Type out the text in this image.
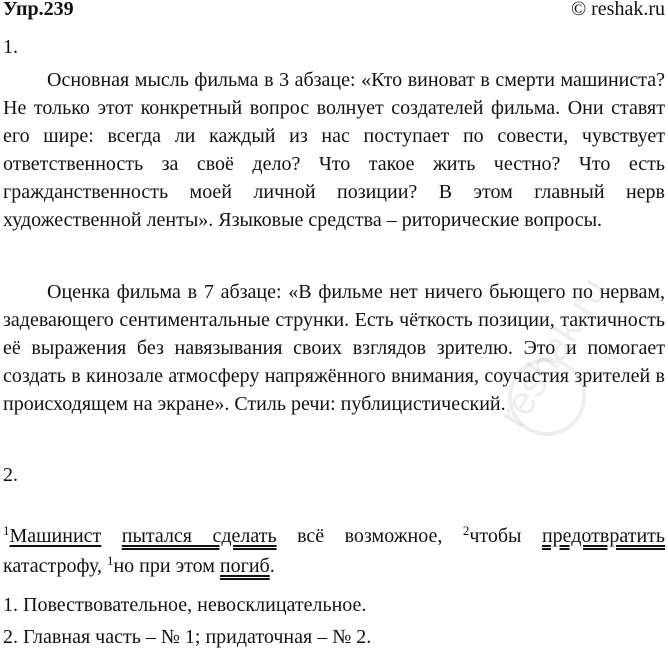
Упр.239	© reshak.ru
1.

Основная мысль фильма в 3 абзаце: «Кто виноват в смерти машиниста? Не только этот конкретный вопрос волнует создателей фильма. Они ставят его шире: всегда ли каждый из нас поступает по совести, чувствует ответственность за своё дело? Что такое жить честно? Что есть гражданственность моей личной позиции? В этом главный нерв художественной ленты». Языковые средства – риторические вопросы.

Оценка фильма в 7 абзаце: «В фильме нет ничего бьющего по нервам, задевающего сентиментальные струнки. Есть чёткость позиции, тактичность её выражения без навязывания своих взглядов зрителю. Это и помогает создать в кинозале атмосферу напряжённого внимания, соучастия зрителей в происходящем на экране». Стиль речи: публицистический.

2.
$^1$Машинист пытался сделать всё возможное, $^2$чтобы предотвратить
катастрофу, $^1$но при этом погиб.
1. Повествовательное, невосклицательное.
2. Главная часть – № 1; придаточная – № 2.
reshak.ru
